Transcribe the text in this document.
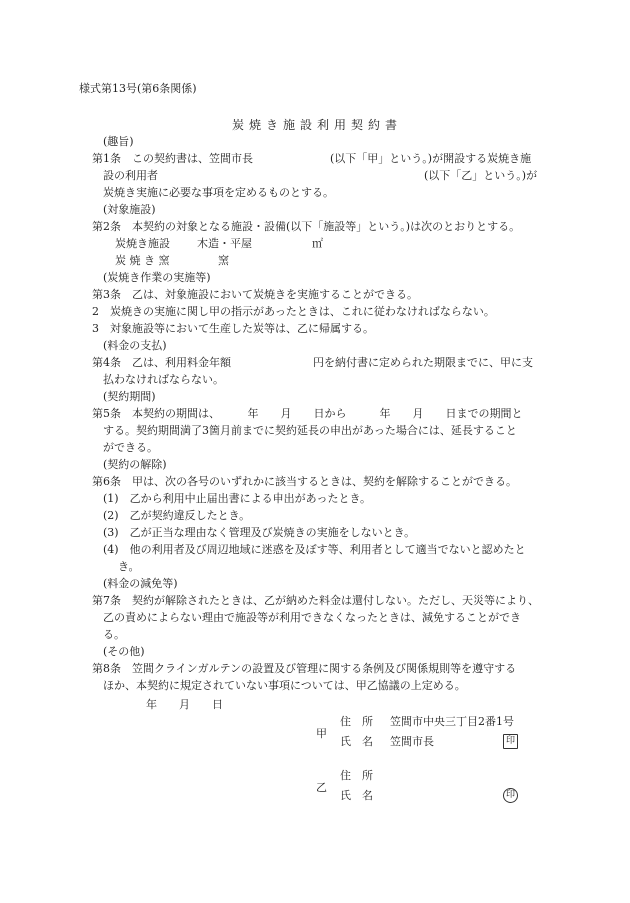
様式第13号(第6条関係)
炭焼き施設利用契約書
(趣旨)
第1条　この契約書は、笠間市長	(以下「甲」という。)が開設する炭焼き施
設の利用者	(以下「乙」という。)が
炭焼き実施に必要な事項を定めるものとする。
(対象施設)
第2条　本契約の対象となる施設・設備(以下「施設等」という。)は次のとおりとする。
炭焼き施設 木造・平屋	㎡
炭 焼 き 窯	窯
(炭焼き作業の実施等)
第3条　乙は、対象施設において炭焼きを実施することができる。
2　炭焼きの実施に関し甲の指示があったときは、これに従わなければならない。
3　対象施設等において生産した炭等は、乙に帰属する。
(料金の支払)
第4条　乙は、利用料金年額	円を納付書に定められた期限までに、甲に支
払わなければならない。
(契約期間)
第5条　本契約の期間は、　　　年　　月　　日から　　　年　　月　　日までの期間と
する。契約期間満了3箇月前までに契約延長の申出があった場合には、延長すること
ができる。
(契約の解除)
第6条　甲は、次の各号のいずれかに該当するときは、契約を解除することができる。
(1)　乙から利用中止届出書による申出があったとき。
(2)　乙が契約違反したとき。
(3)　乙が正当な理由なく管理及び炭焼きの実施をしないとき。
(4)　他の利用者及び周辺地域に迷惑を及ぼす等、利用者として適当でないと認めたと
き。
(料金の減免等)
第7条　契約が解除されたときは、乙が納めた料金は還付しない。ただし、天災等により、
乙の責めによらない理由で施設等が利用できなくなったときは、減免することができ
る。
(その他)
第8条　笠間クラインガルテンの設置及び管理に関する条例及び関係規則等を遵守する
ほか、本契約に規定されていない事項については、甲乙協議の上定める。
年　　月　　日
甲
住　所 笠間市中央三丁目2番1号
氏　名 笠間市長	印
乙
住　所
氏　名	印
